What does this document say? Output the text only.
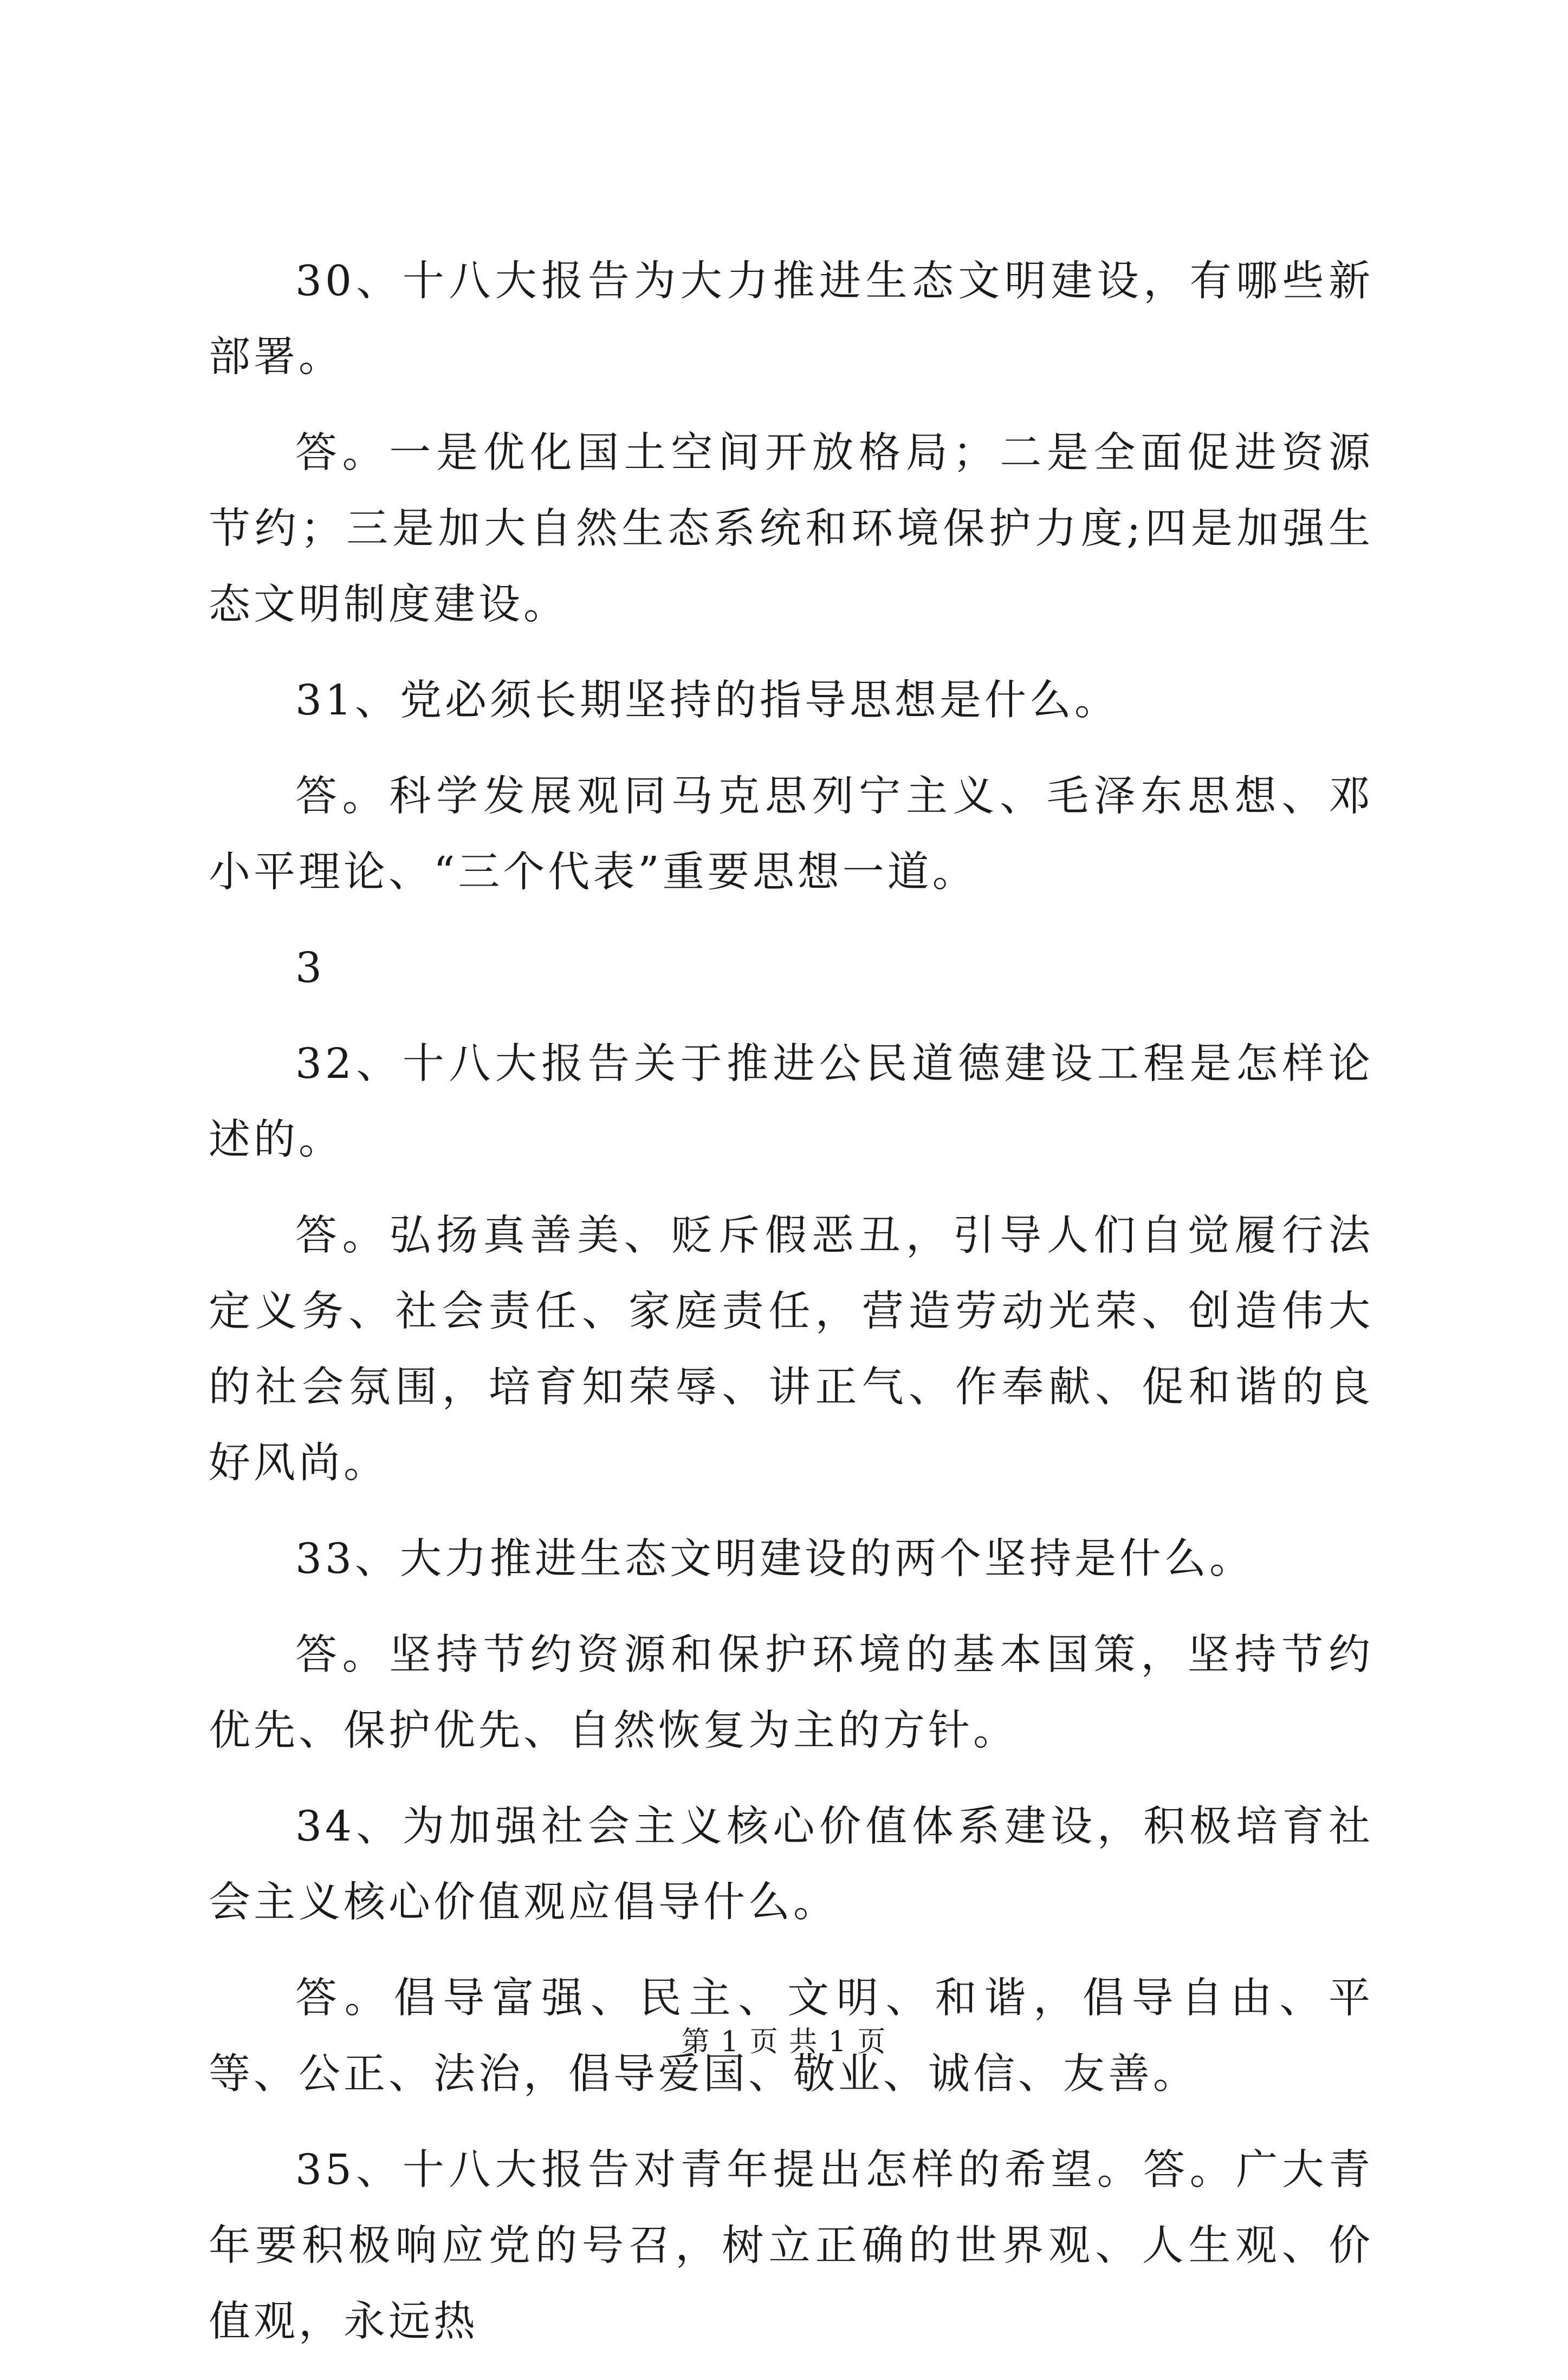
30、十八大报告为大力推进生态文明建设，有哪些新部署。

答。一是优化国土空间开放格局；二是全面促进资源节约；三是加大自然生态系统和环境保护力度;四是加强生态文明制度建设。

31、党必须长期坚持的指导思想是什么。

答。科学发展观同马克思列宁主义、毛泽东思想、邓小平理论、“三个代表”重要思想一道。

3

32、十八大报告关于推进公民道德建设工程是怎样论述的。

答。弘扬真善美、贬斥假恶丑，引导人们自觉履行法定义务、社会责任、家庭责任，营造劳动光荣、创造伟大的社会氛围，培育知荣辱、讲正气、作奉献、促和谐的良好风尚。

33、大力推进生态文明建设的两个坚持是什么。

答。坚持节约资源和保护环境的基本国策，坚持节约优先、保护优先、自然恢复为主的方针。

34、为加强社会主义核心价值体系建设，积极培育社会主义核心价值观应倡导什么。

答。倡导富强、民主、文明、和谐，倡导自由、平等、公正、法治，倡导爱国、敬业、诚信、友善。

35、十八大报告对青年提出怎样的希望。答。广大青年要积极响应党的号召，树立正确的世界观、人生观、价值观，永远热

第 1 页 共 1 页
